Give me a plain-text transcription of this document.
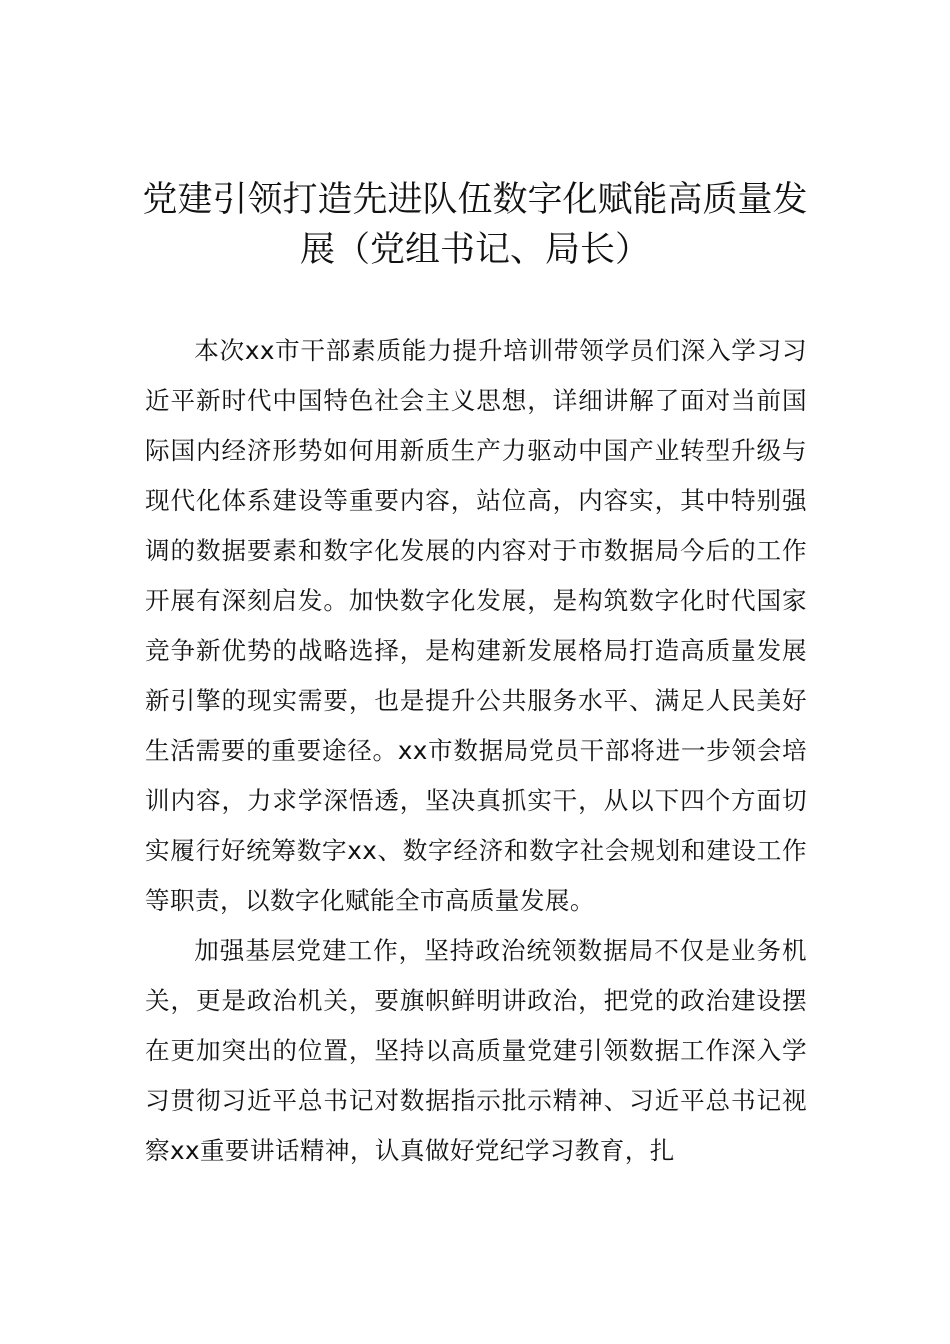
党建引领打造先进队伍数字化赋能高质量发展（党组书记、局长）

本次xx市干部素质能力提升培训带领学员们深入学习习近平新时代中国特色社会主义思想，详细讲解了面对当前国际国内经济形势如何用新质生产力驱动中国产业转型升级与现代化体系建设等重要内容，站位高，内容实，其中特别强调的数据要素和数字化发展的内容对于市数据局今后的工作开展有深刻启发。加快数字化发展，是构筑数字化时代国家竞争新优势的战略选择，是构建新发展格局打造高质量发展新引擎的现实需要，也是提升公共服务水平、满足人民美好生活需要的重要途径。xx市数据局党员干部将进一步领会培训内容，力求学深悟透，坚决真抓实干，从以下四个方面切实履行好统筹数字xx、数字经济和数字社会规划和建设工作等职责，以数字化赋能全市高质量发展。

加强基层党建工作，坚持政治统领数据局不仅是业务机关，更是政治机关，要旗帜鲜明讲政治，把党的政治建设摆在更加突出的位置，坚持以高质量党建引领数据工作深入学习贯彻习近平总书记对数据指示批示精神、习近平总书记视察xx重要讲话精神，认真做好党纪学习教育，扎
